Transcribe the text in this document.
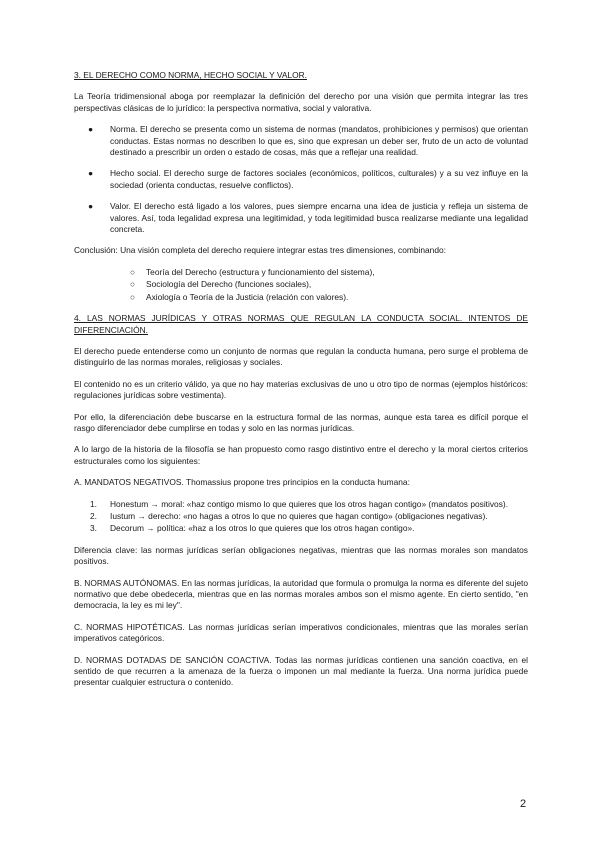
3. EL DERECHO COMO NORMA, HECHO SOCIAL Y VALOR.

La Teoría tridimensional aboga por reemplazar la definición del derecho por una visión que permita integrar las tres perspectivas clásicas de lo jurídico: la perspectiva normativa, social y valorativa.

● Norma. El derecho se presenta como un sistema de normas (mandatos, prohibiciones y permisos) que orientan conductas. Estas normas no describen lo que es, sino que expresan un deber ser, fruto de un acto de voluntad destinado a prescribir un orden o estado de cosas, más que a reflejar una realidad.
● Hecho social. El derecho surge de factores sociales (económicos, políticos, culturales) y a su vez influye en la sociedad (orienta conductas, resuelve conflictos).
● Valor. El derecho está ligado a los valores, pues siempre encarna una idea de justicia y refleja un sistema de valores. Así, toda legalidad expresa una legitimidad, y toda legitimidad busca realizarse mediante una legalidad concreta.

Conclusión: Una visión completa del derecho requiere integrar estas tres dimensiones, combinando:

○ Teoría del Derecho (estructura y funcionamiento del sistema),
○ Sociología del Derecho (funciones sociales),
○ Axiología o Teoría de la Justicia (relación con valores).
4. LAS NORMAS JURÍDICAS Y OTRAS NORMAS QUE REGULAN LA CONDUCTA SOCIAL. INTENTOS DE DIFERENCIACIÓN.

El derecho puede entenderse como un conjunto de normas que regulan la conducta humana, pero surge el problema de distinguirlo de las normas morales, religiosas y sociales.

El contenido no es un criterio válido, ya que no hay materias exclusivas de uno u otro tipo de normas (ejemplos históricos: regulaciones jurídicas sobre vestimenta).

Por ello, la diferenciación debe buscarse en la estructura formal de las normas, aunque esta tarea es difícil porque el rasgo diferenciador debe cumplirse en todas y solo en las normas jurídicas.

A lo largo de la historia de la filosofía se han propuesto como rasgo distintivo entre el derecho y la moral ciertos criterios estructurales como los siguientes:

A. MANDATOS NEGATIVOS. Thomassius propone tres principios en la conducta humana:

1. Honestum → moral: «haz contigo mismo lo que quieres que los otros hagan contigo» (mandatos positivos).
2. Iustum → derecho: «no hagas a otros lo que no quieres que hagan contigo» (obligaciones negativas).
3. Decorum → política: «haz a los otros lo que quieres que los otros hagan contigo».

Diferencia clave: las normas jurídicas serían obligaciones negativas, mientras que las normas morales son mandatos positivos.

B. NORMAS AUTÓNOMAS. En las normas jurídicas, la autoridad que formula o promulga la norma es diferente del sujeto normativo que debe obedecerla, mientras que en las normas morales ambos son el mismo agente. En cierto sentido, "en democracia, la ley es mi ley".

C. NORMAS HIPOTÉTICAS. Las normas jurídicas serían imperativos condicionales, mientras que las morales serían imperativos categóricos.

D. NORMAS DOTADAS DE SANCIÓN COACTIVA. Todas las normas jurídicas contienen una sanción coactiva, en el sentido de que recurren a la amenaza de la fuerza o imponen un mal mediante la fuerza. Una norma jurídica puede presentar cualquier estructura o contenido.

2
